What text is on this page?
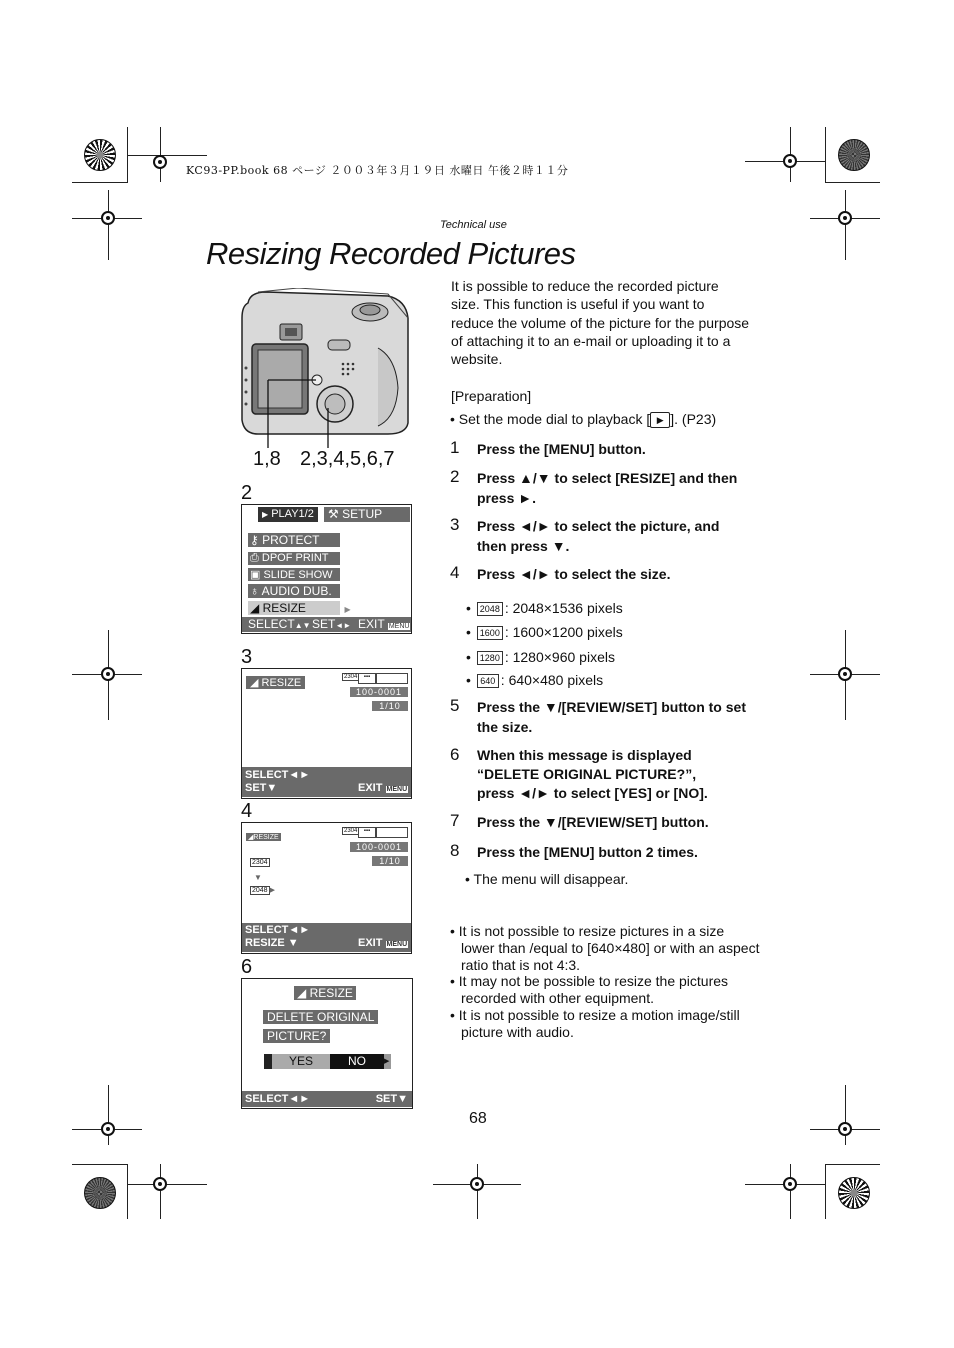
KC93-PP.book 68 ページ ２００３年３月１９日 水曜日 午後２時１１分
Technical use
Resizing Recorded Pictures
1,8 2,3,4,5,6,7
2
▶ PLAY1/2	⚒ SETUP
⚷ PROTECT
⎙ DPOF PRINT
▣ SLIDE SHOW
♁ AUDIO DUB.
◢ RESIZE	▶
SELECT▲▼ SET◄► EXIT MENU
3
◢ RESIZE	2304	▪▪▪
100-0001
1/10
SELECT◄►
SET▼	EXIT MENU
4
◢RESIZE
2304	▪▪▪
100-0001
1/10
2304
▼
2048 ▶
SELECT◄►
RESIZE ▼	EXIT MENU
6
◢ RESIZE
DELETE ORIGINAL
PICTURE?
YES	NO	▶
SELECT◄►	SET▼
It is possible to reduce the recorded picture size. This function is useful if you want to reduce the volume of the picture for the purpose of attaching it to an e-mail or uploading it to a website.
[Preparation]
• Set the mode dial to playback [ ▶ ]. (P23)
1 Press the [MENU] button.
2 Press ▲/▼ to select [RESIZE] and then press ►.
3 Press ◄/► to select the picture, and then press ▼.
4 Press ◄/► to select the size.
• 2048 : 2048×1536 pixels
• 1600 : 1600×1200 pixels
• 1280 : 1280×960 pixels
• 640 : 640×480 pixels
5 Press the ▼/[REVIEW/SET] button to set the size.
6 When this message is displayed “DELETE ORIGINAL PICTURE?”, press ◄/► to select [YES] or [NO].
7 Press the ▼/[REVIEW/SET] button.
8 Press the [MENU] button 2 times.
• The menu will disappear.
• It is not possible to resize pictures in a size lower than /equal to [640×480] or with an aspect ratio that is not 4:3.
• It may not be possible to resize the pictures recorded with other equipment.
• It is not possible to resize a motion image/still picture with audio.
68
